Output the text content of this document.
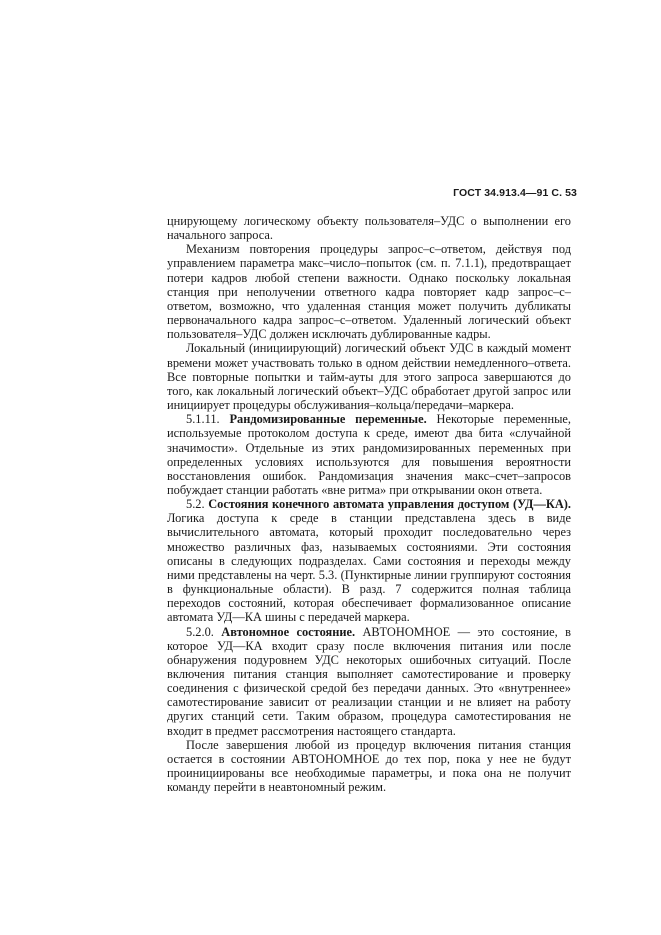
ГОСТ 34.913.4—91 С. 53

цнирующему логическому объекту пользователя–УДС о выполнении его начального запроса.

Механизм повторения процедуры запрос–с–ответом, действуя под управлением параметра макс–число–попыток (см. п. 7.1.1), предотвращает потери кадров любой степени важности. Однако поскольку локальная станция при неполучении ответного кадра повторяет кадр запрос–с–ответом, возможно, что удаленная станция может получить дубликаты первоначального кадра запрос–с–ответом. Удаленный логический объект пользователя–УДС должен исключать дублированные кадры.

Локальный (инициирующий) логический объект УДС в каждый момент времени может участвовать только в одном действии немедленного–ответа. Все повторные попытки и тайм-ауты для этого запроса завершаются до того, как локальный логический объект–УДС обработает другой запрос или инициирует процедуры обслуживания–кольца/передачи–маркера.

5.1.11. Рандомизированные переменные. Некоторые переменные, используемые протоколом доступа к среде, имеют два бита «случайной значимости». Отдельные из этих рандомизированных переменных при определенных условиях используются для повышения вероятности восстановления ошибок. Рандомизация значения макс–счет–запросов побуждает станции работать «вне ритма» при открывании окон ответа.

5.2. Состояния конечного автомата управления доступом (УД—КА). Логика доступа к среде в станции представлена здесь в виде вычислительного автомата, который проходит последовательно через множество различных фаз, называемых состояниями. Эти состояния описаны в следующих подразделах. Сами состояния и переходы между ними представлены на черт. 5.3. (Пунктирные линии группируют состояния в функциональные области). В разд. 7 содержится полная таблица переходов состояний, которая обеспечивает формализованное описание автомата УД—КА шины с передачей маркера.

5.2.0. Автономное состояние. АВТОНОМНОЕ — это состояние, в которое УД—КА входит сразу после включения питания или после обнаружения подуровнем УДС некоторых ошибочных ситуаций. После включения питания станция выполняет самотестирование и проверку соединения с физической средой без передачи данных. Это «внутреннее» самотестирование зависит от реализации станции и не влияет на работу других станций сети. Таким образом, процедура самотестирования не входит в предмет рассмотрения настоящего стандарта.

После завершения любой из процедур включения питания станция остается в состоянии АВТОНОМНОЕ до тех пор, пока у нее не будут проинициированы все необходимые параметры, и пока она не получит команду перейти в неавтономный режим.
